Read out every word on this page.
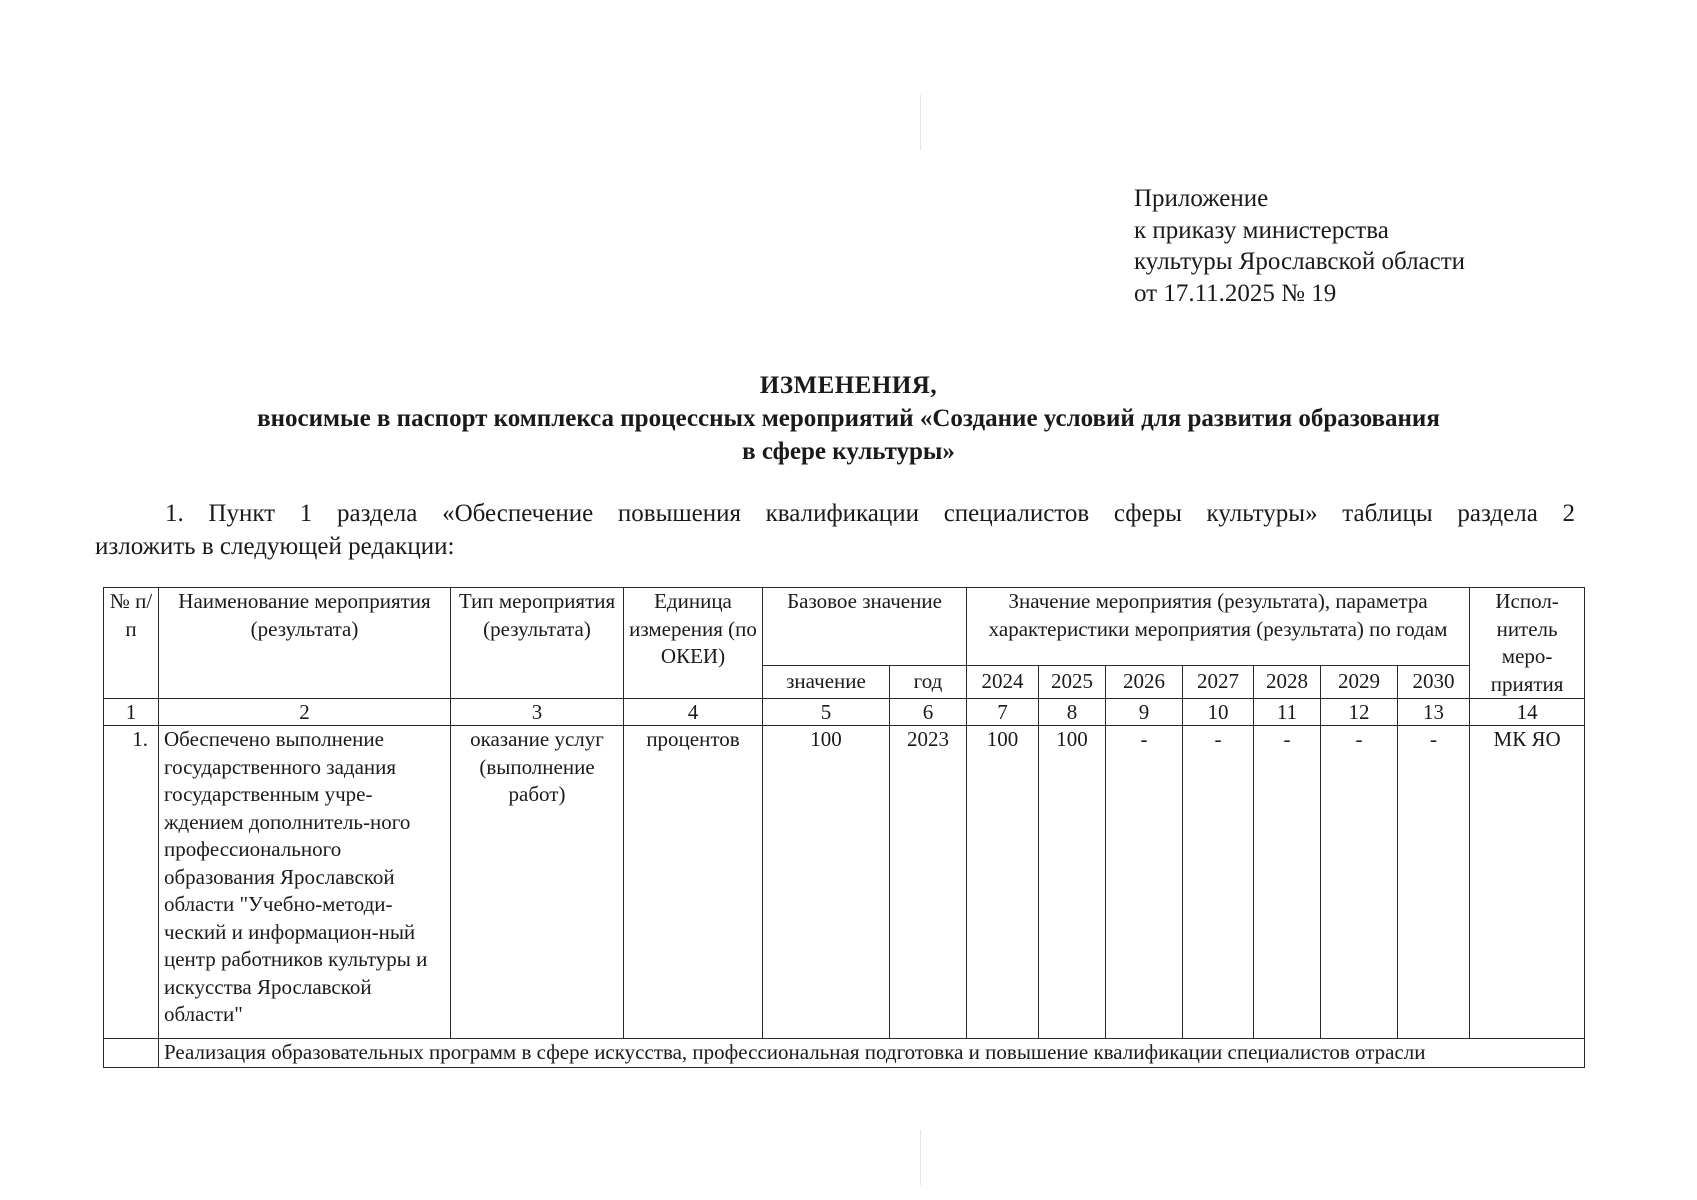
Приложение
к приказу министерства
культуры Ярославской области
от 17.11.2025 № 19
ИЗМЕНЕНИЯ,
вносимые в паспорт комплекса процессных мероприятий «Создание условий для развития образования
в сфере культуры»

1. Пункт 1 раздела «Обеспечение повышения квалификации специалистов сферы культуры» таблицы раздела 2

изложить в следующей редакции:

№ п/п	Наименование мероприятия (результата)	Тип мероприятия (результата)	Единица измерения (по ОКЕИ)	Базовое значение		Значение мероприятия (результата), параметра характеристики мероприятия (результата) по годам							Испол-нитель меро-приятия
				значение	год	2024	2025	2026	2027	2028	2029	2030	
1	2	3	4	5	6	7	8	9	10	11	12	13	14
1.	Обеспечено выполнение государственного задания государственным учре-ждением дополнитель-ного профессионального образования Ярославской области "Учебно-методи-ческий и информацион-ный центр работников культуры и искусства Ярославской области"	оказание услуг (выполнение работ)	процентов	100	2023	100	100	-	-	-	-	-	МК ЯО
	Реализация образовательных программ в сфере искусства, профессиональная подготовка и повышение квалификации специалистов отрасли												
